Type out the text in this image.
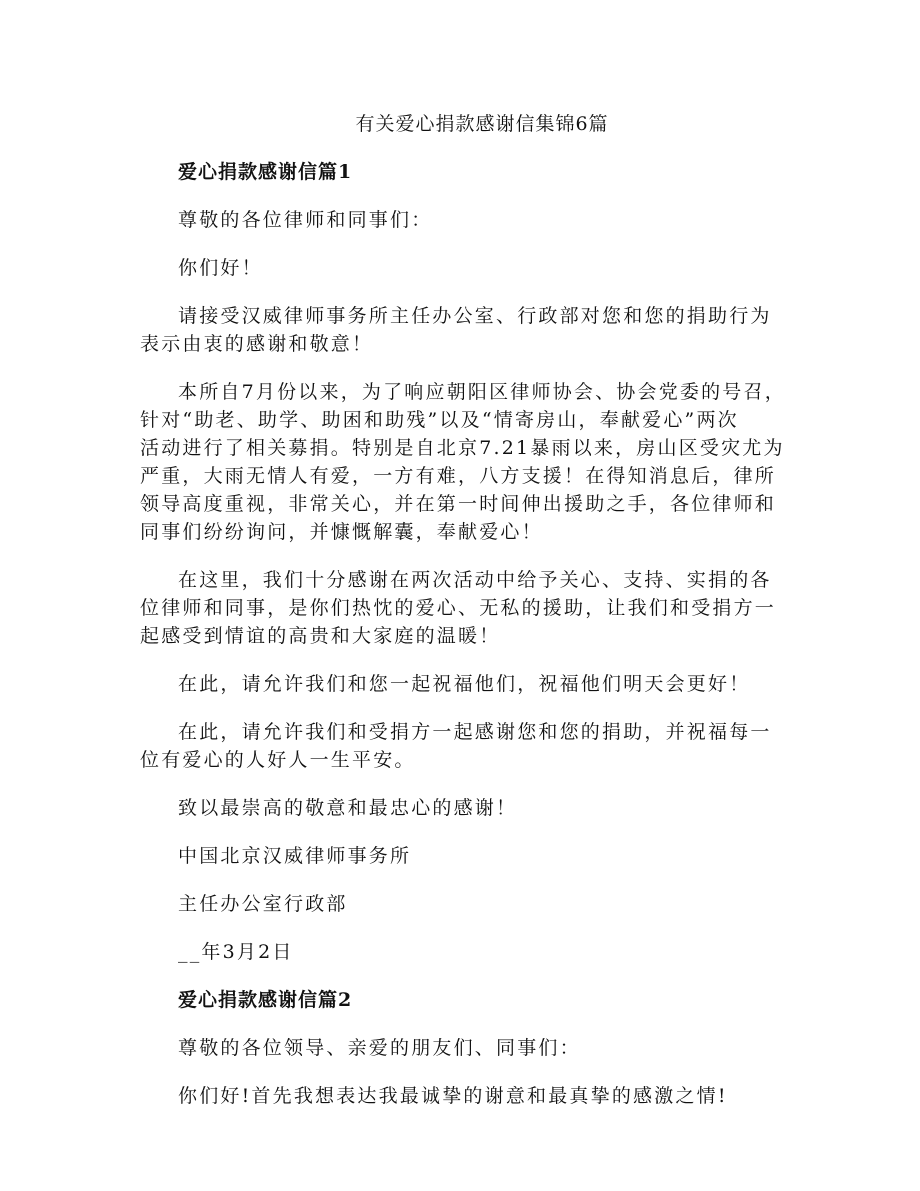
有关爱心捐款感谢信集锦6篇

爱心捐款感谢信篇1

尊敬的各位律师和同事们：

你们好！

请接受汉威律师事务所主任办公室、行政部对您和您的捐助行为
表示由衷的感谢和敬意！

本所自7月份以来，为了响应朝阳区律师协会、协会党委的号召，
针对“助老、助学、助困和助残”以及“情寄房山，奉献爱心”两次
活动进行了相关募捐。特别是自北京7.21暴雨以来，房山区受灾尤为
严重，大雨无情人有爱，一方有难，八方支援！在得知消息后，律所
领导高度重视，非常关心，并在第一时间伸出援助之手，各位律师和
同事们纷纷询问，并慷慨解囊，奉献爱心！

在这里，我们十分感谢在两次活动中给予关心、支持、实捐的各
位律师和同事，是你们热忱的爱心、无私的援助，让我们和受捐方一
起感受到情谊的高贵和大家庭的温暖！

在此，请允许我们和您一起祝福他们，祝福他们明天会更好！

在此，请允许我们和受捐方一起感谢您和您的捐助，并祝福每一
位有爱心的人好人一生平安。

致以最崇高的敬意和最忠心的感谢！

中国北京汉威律师事务所

主任办公室行政部

__年3月2日

爱心捐款感谢信篇2

尊敬的各位领导、亲爱的朋友们、同事们：

你们好!首先我想表达我最诚挚的谢意和最真挚的感激之情!
